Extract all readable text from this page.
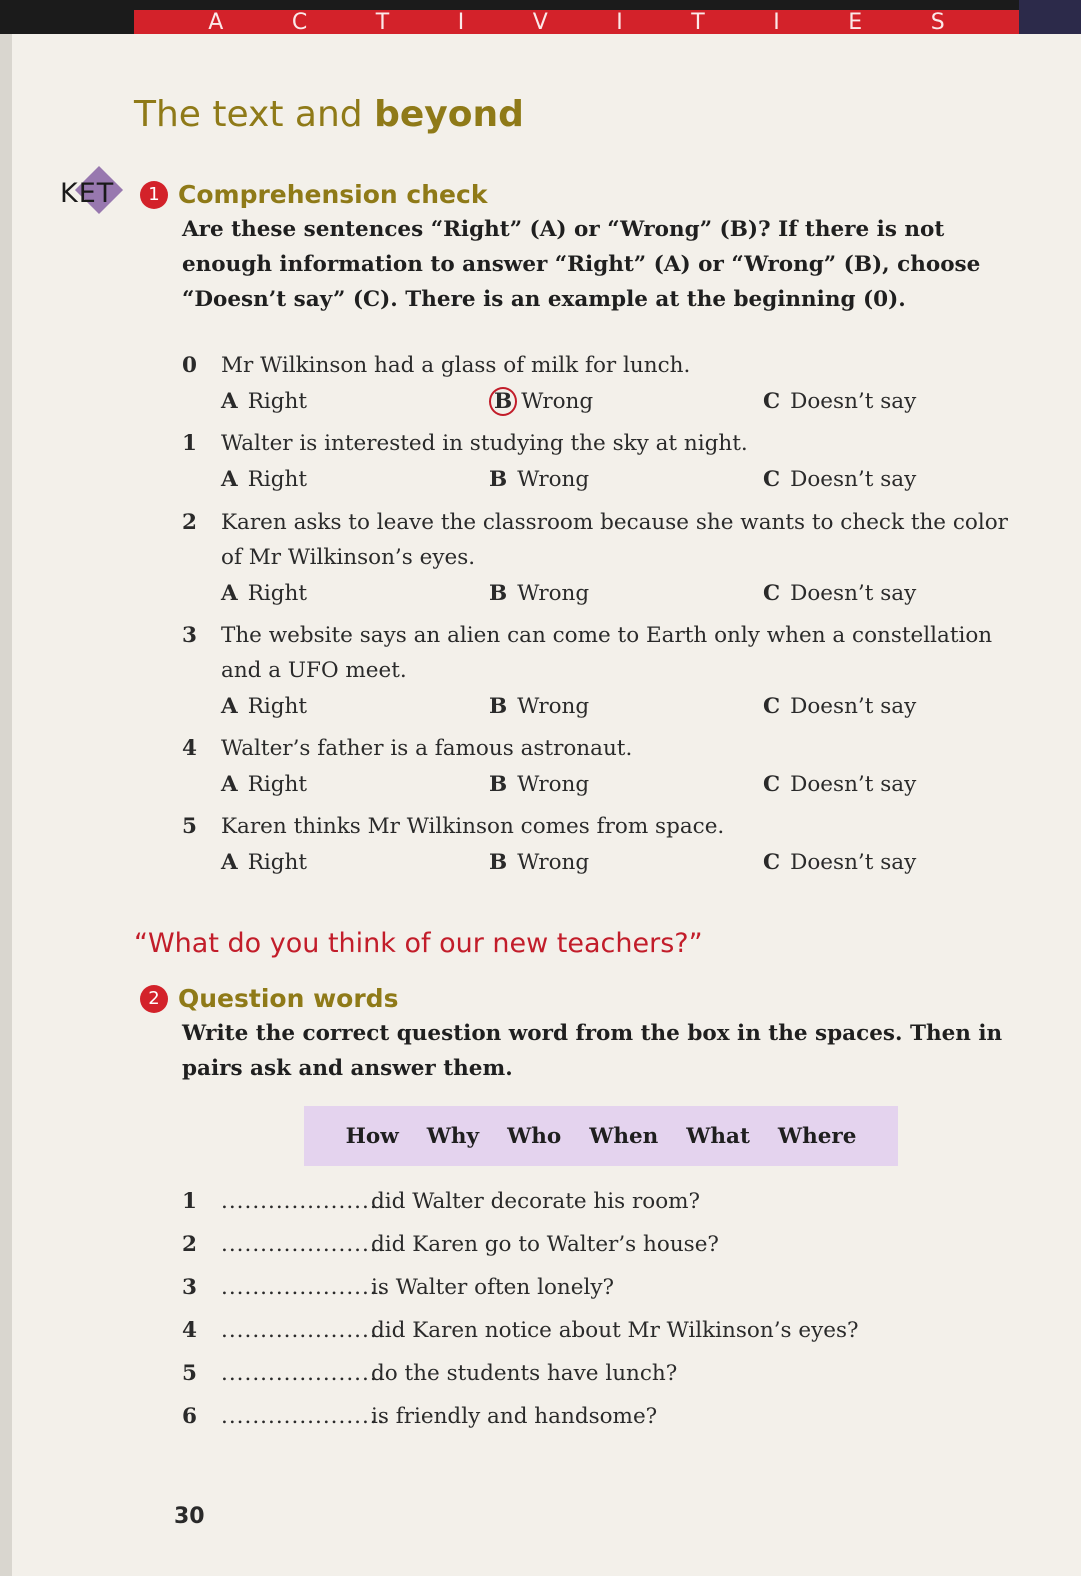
A	C	T	I	V	I	T	I	E	S
The text and beyond
KET	1 Comprehension check
Are these sentences “Right” (A) or “Wrong” (B)? If there is not enough information to answer “Right” (A) or “Wrong” (B), choose “Doesn’t say” (C). There is an example at the beginning (0).
0 Mr Wilkinson had a glass of milk for lunch.
A Right	B Wrong	C Doesn’t say
1 Walter is interested in studying the sky at night.
A Right	B Wrong	C Doesn’t say
2 Karen asks to leave the classroom because she wants to check the color of Mr Wilkinson’s eyes.
A Right	B Wrong	C Doesn’t say
3 The website says an alien can come to Earth only when a constellation and a UFO meet.
A Right	B Wrong	C Doesn’t say
4 Walter’s father is a famous astronaut.
A Right	B Wrong	C Doesn’t say
5 Karen thinks Mr Wilkinson comes from space.
A Right	B Wrong	C Doesn’t say
“What do you think of our new teachers?”
2 Question words
Write the correct question word from the box in the spaces. Then in pairs ask and answer them.
How Why Who When What Where
1 .....................
did Walter decorate his room?
2 .....................
did Karen go to Walter’s house?
3 .....................
is Walter often lonely?
4 .....................
did Karen notice about Mr Wilkinson’s eyes?
5 .....................
do the students have lunch?
6 .....................
is friendly and handsome?
30
